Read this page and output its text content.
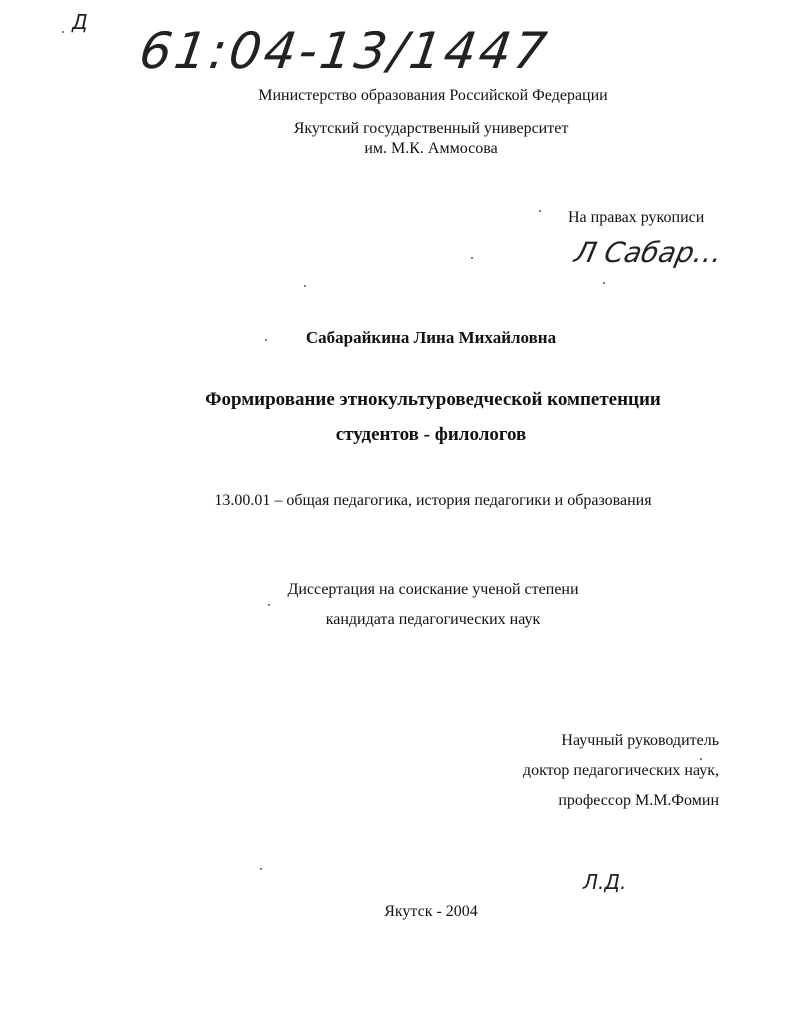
Д 61:04-13/1447
Министерство образования Российской Федерации
Якутский государственный университет
им. М.К. Аммосова
На правах рукописи
Л Сабар…
Сабарайкина Лина Михайловна
Формирование этнокультуроведческой компетенции
студентов - филологов
13.00.01 – общая педагогика, история педагогики и образования
Диссертация на соискание ученой степени
кандидата педагогических наук
Научный руководитель
доктор педагогических наук,
профессор М.М.Фомин
Л.Д.
Якутск - 2004
